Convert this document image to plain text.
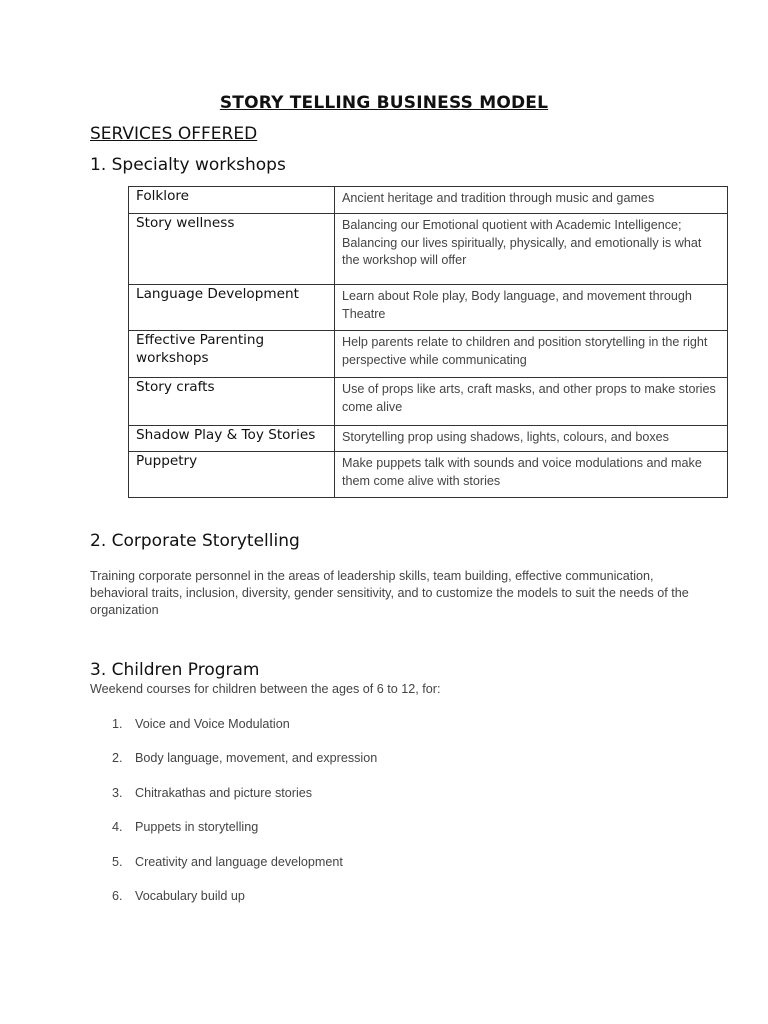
STORY TELLING BUSINESS MODEL
SERVICES OFFERED
1. Specialty workshops
Folklore	Ancient heritage and tradition through music and games
Story wellness	Balancing our Emotional quotient with Academic Intelligence; Balancing our lives spiritually, physically, and emotionally is what the workshop will offer
Language Development	Learn about Role play, Body language, and movement through Theatre
Effective Parenting workshops	Help parents relate to children and position storytelling in the right perspective while communicating
Story crafts	Use of props like arts, craft masks, and other props to make stories come alive
Shadow Play & Toy Stories	Storytelling prop using shadows, lights, colours, and boxes
Puppetry	Make puppets talk with sounds and voice modulations and make them come alive with stories
2. Corporate Storytelling
Training corporate personnel in the areas of leadership skills, team building, effective communication, behavioral traits, inclusion, diversity, gender sensitivity, and to customize the models to suit the needs of the organization
3. Children Program
Weekend courses for children between the ages of 6 to 12, for:
1. Voice and Voice Modulation
2. Body language, movement, and expression
3. Chitrakathas and picture stories
4. Puppets in storytelling
5. Creativity and language development
6. Vocabulary build up
